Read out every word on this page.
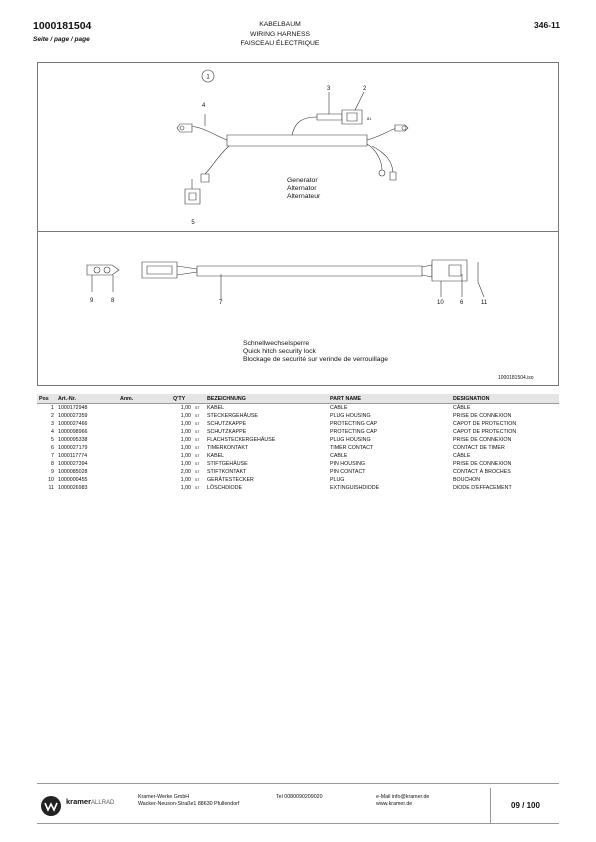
1000181504
Seite / page / page
KABELBAUM
WIRING HARNESS
FAISCEAU ÉLECTRIQUE
346-11
1
4
81
3	2
5
Generator
Alternator
Alternateur
9	8	7	10	6	11
Schnellwechselsperre
Quick hitch security lock
Blockage de securité sur verinde de verrouillage
1000181504.iso
Pos	Art.-Nr.	Anm.	Q'TY		BEZEICHNUNG	PART NAME	DESIGNATION
1	1000172948		1,00	ST	KABEL	CABLE	CÂBLE
2	1000027359		1,00	ST	STECKERGEHÄUSE	PLUG HOUSING	PRISE DE CONNEXION
3	1000027466		1,00	ST	SCHUTZKAPPE	PROTECTING CAP	CAPOT DE PROTECTION
4	1000098966		1,00	ST	SCHUTZKAPPE	PROTECTING CAP	CAPOT DE PROTECTION
5	1000095338		1,00	ST	FLACHSTECKERGEHÄUSE	PLUG HOUSING	PRISE DE CONNEXION
6	1000027179		1,00	ST	TIMERKONTAKT	TIMER CONTACT	CONTACT DE TIMER
7	1000117774		1,00	ST	KABEL	CABLE	CÂBLE
8	1000027394		1,00	ST	STIFTGEHÄUSE	PIN HOUSING	PRISE DE CONNEXION
9	1000085028		2,00	ST	STIFTKONTAKT	PIN CONTACT	CONTACT À BROCHES
10	1000000455		1,00	ST	GERÄTESTECKER	PLUG	BOUCHON
11	1000026983		1,00	ST	LÖSCHDIODE	EXTINGUISHDIODE	DIODE D'EFFACEMENT
kramerALLRAD
Kramer-Werke GmbH
Wacker-Neuson-Straße1 88630 Pfullendorf
Tel 0080090209020	e-Mail info@kramer.de
www.kramer.de	09 / 100
